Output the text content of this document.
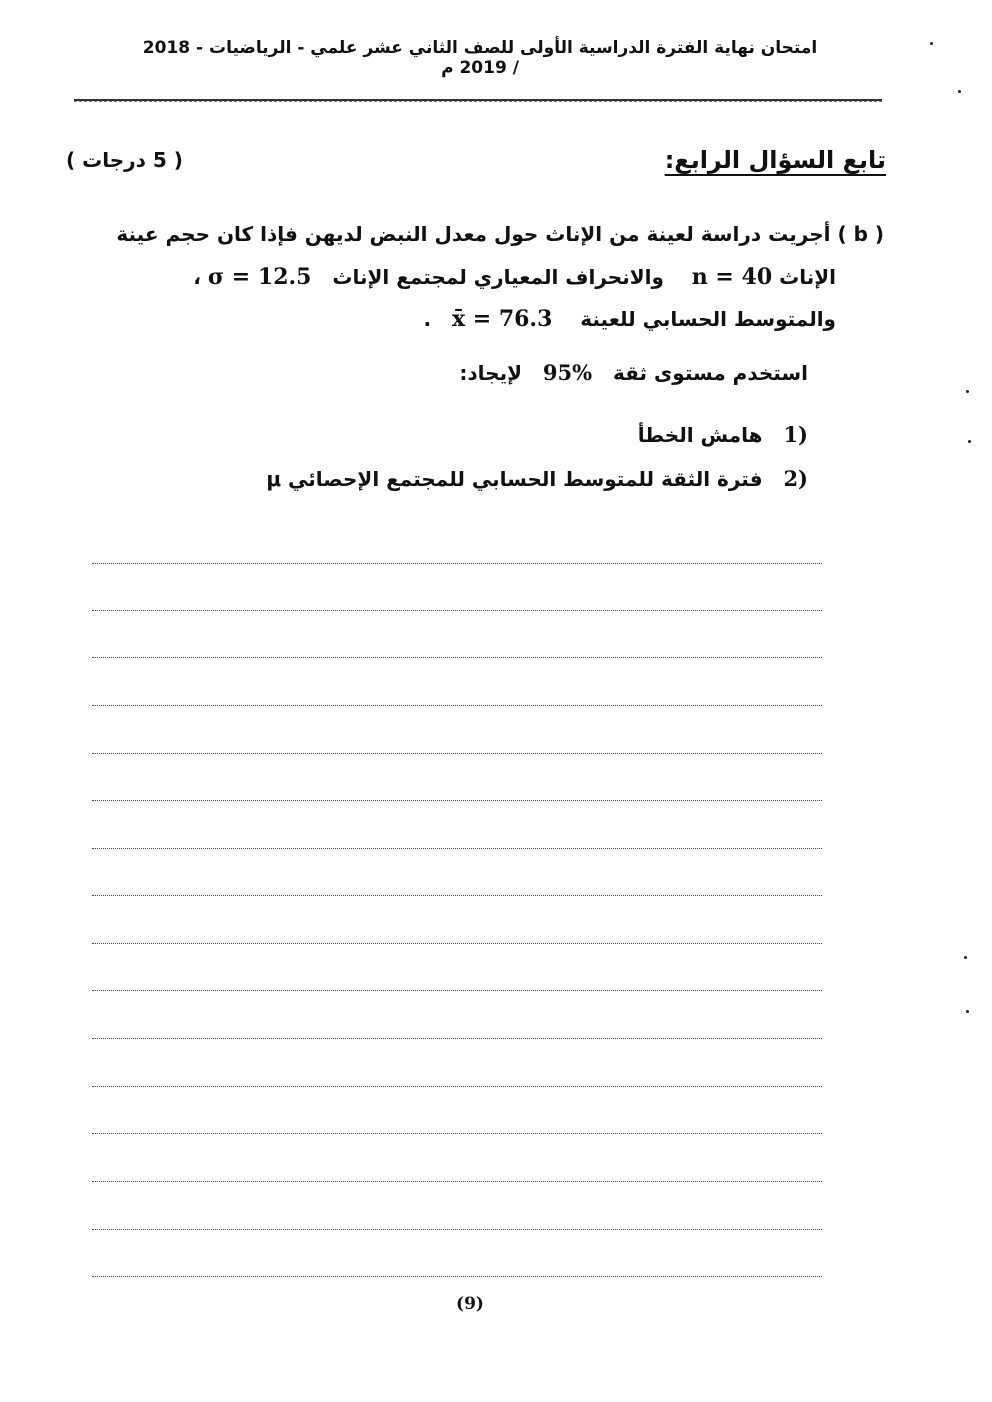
امتحان نهاية الفترة الدراسية الأولى للصف الثاني عشر علمي - الرياضيات - 2018 / 2019 م
تابع السؤال الرابع:
( 5 درجات )
( b ) أجريت دراسة لعينة من الإناث حول معدل النبض لديهن فإذا كان حجم عينة
الإناث n = 40    والانحراف المعياري لمجتمع الإناث   σ = 12.5 ،
والمتوسط الحسابي للعينة    x̄ = 76.3   .
استخدم مستوى ثقة   95%   لإيجاد:
1)   هامش الخطأ
2)   فترة الثقة للمتوسط الحسابي للمجتمع الإحصائي μ
(9)
